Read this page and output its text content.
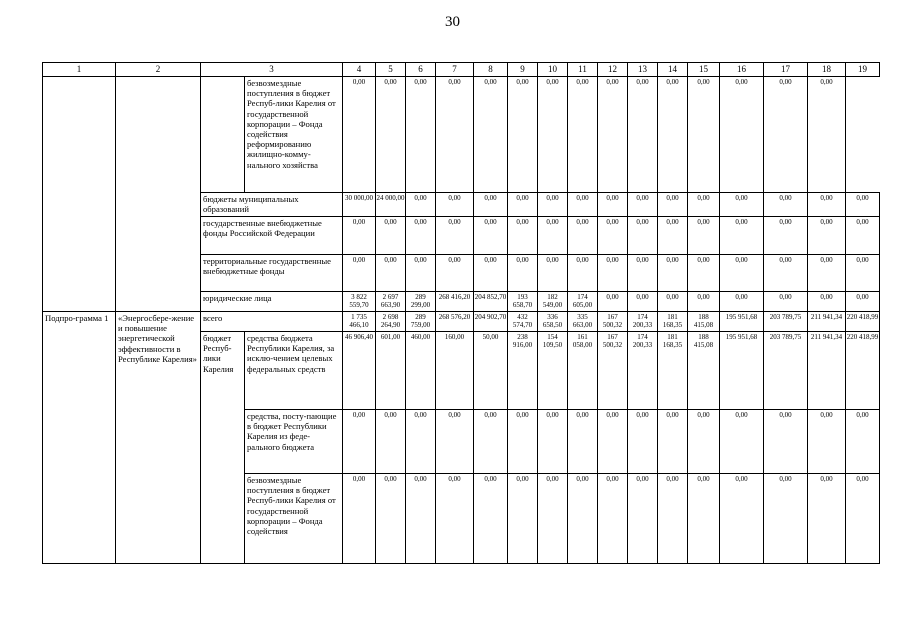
30
1	2	3		4	5	6	7	8	9	10	11	12	13	14	15	16	17	18	19
			безвозмездные поступления в бюджет Респуб-лики Карелия от государственной корпорации – Фонда содействия реформированию жилищно-комму-нального хозяйства	0,00	0,00	0,00	0,00	0,00	0,00	0,00	0,00	0,00	0,00	0,00	0,00	0,00	0,00	0,00	
		бюджеты муниципальных образований		30 000,00	24 000,00	0,00	0,00	0,00	0,00	0,00	0,00	0,00	0,00	0,00	0,00	0,00	0,00	0,00	0,00
		государственные внебюджетные фонды Российской Федерации		0,00	0,00	0,00	0,00	0,00	0,00	0,00	0,00	0,00	0,00	0,00	0,00	0,00	0,00	0,00	0,00
		территориальные государственные внебюджетные фонды		0,00	0,00	0,00	0,00	0,00	0,00	0,00	0,00	0,00	0,00	0,00	0,00	0,00	0,00	0,00	0,00
		юридические лица		3 822 559,70	2 697 663,90	289 299,00	268 416,20	204 852,70	193 658,70	182 549,00	174 605,00	0,00	0,00	0,00	0,00	0,00	0,00	0,00	0,00
Подпро-грамма 1	«Энергосбере-жение и повышение энергетической эффективности в Республике Карелия»	всего		1 735 466,10	2 698 264,90	289 759,00	268 576,20	204 902,70	432 574,70	336 658,50	335 663,00	167 500,32	174 200,33	181 168,35	188 415,08	195 951,68	203 789,75	211 941,34	220 418,99
		бюджет Респуб-лики Карелия	средства бюджета Республики Карелия, за исклю-чением целевых федеральных средств	46 906,40	601,00	460,00	160,00	50,00	238 916,00	154 109,50	161 058,00	167 500,32	174 200,33	181 168,35	188 415,08	195 951,68	203 789,75	211 941,34	220 418,99
			средства, посту-пающие в бюджет Республики Карелия из феде-рального бюджета	0,00	0,00	0,00	0,00	0,00	0,00	0,00	0,00	0,00	0,00	0,00	0,00	0,00	0,00	0,00	0,00
			безвозмездные поступления в бюджет Респуб-лики Карелия от государственной корпорации – Фонда содействия	0,00	0,00	0,00	0,00	0,00	0,00	0,00	0,00	0,00	0,00	0,00	0,00	0,00	0,00	0,00	0,00
